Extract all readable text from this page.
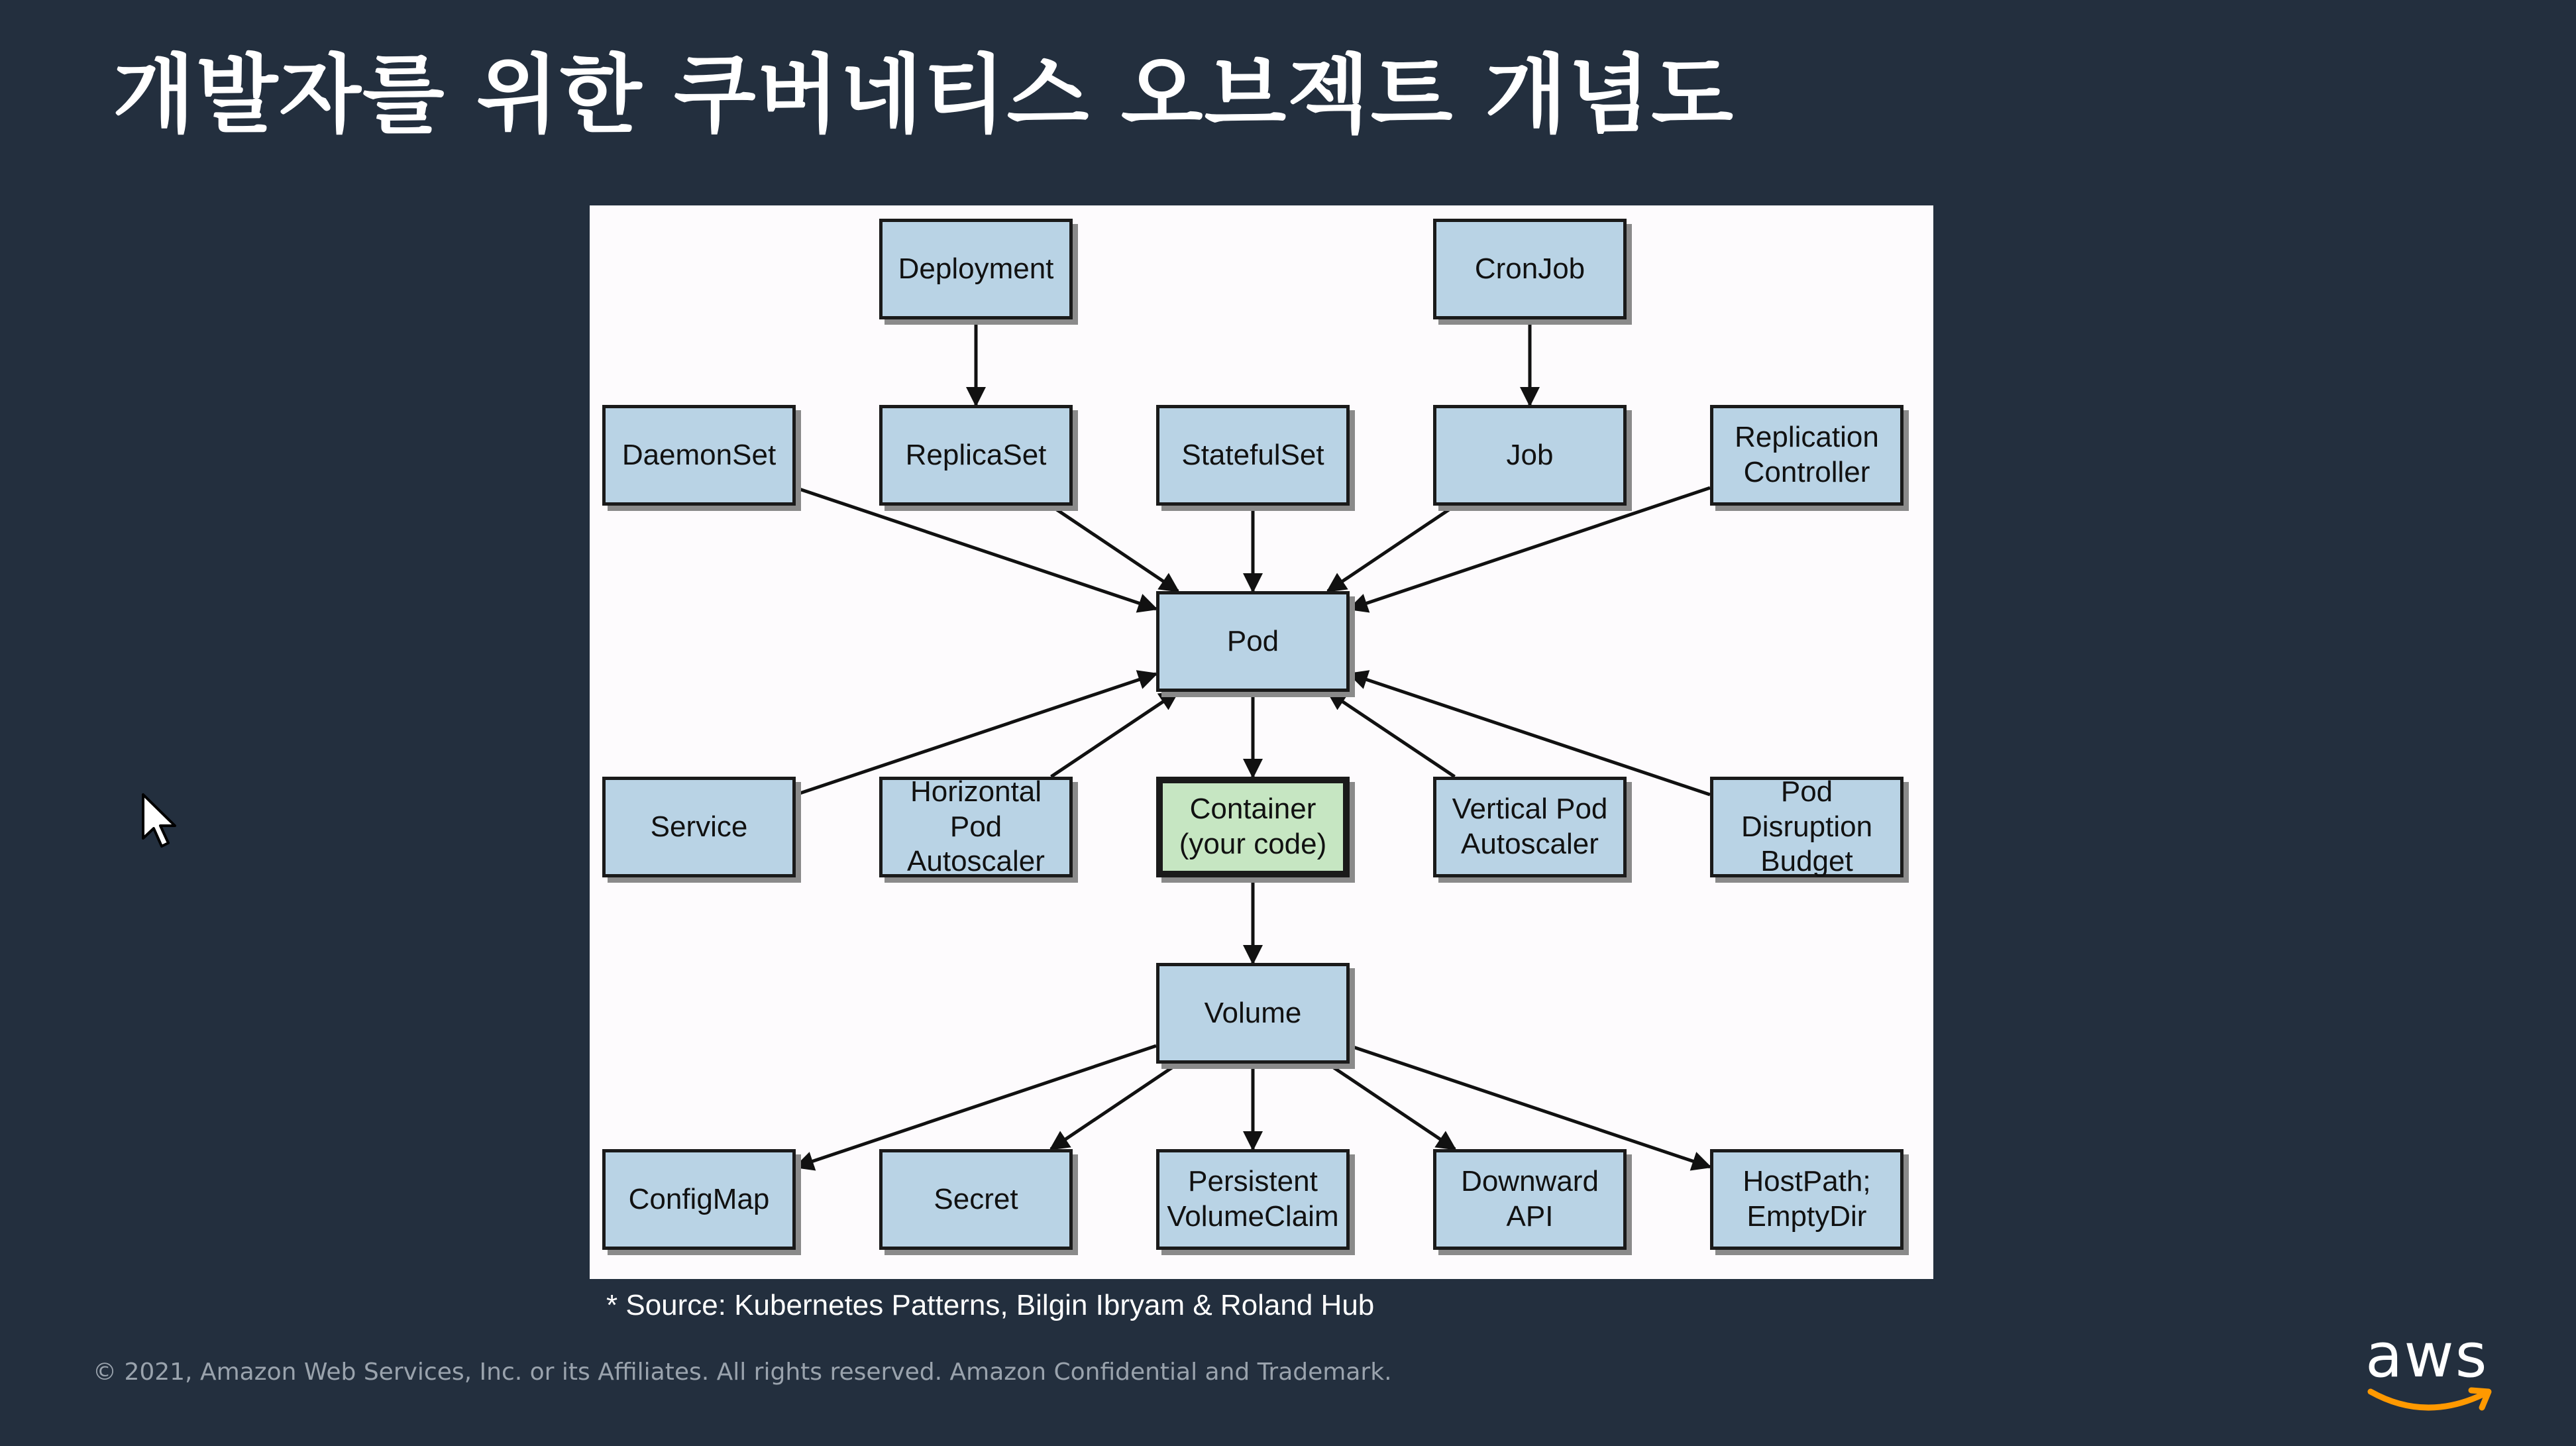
개발자를 위한 쿠버네티스 오브젝트 개념도
Deployment	CronJob
DaemonSet	ReplicaSet	StatefulSet	Job
Replication
Controller
Pod
Service
Horizontal Pod
Autoscaler
Container
(your code)
Vertical Pod
Autoscaler
Pod Disruption
Budget
Volume
ConfigMap	Secret
Persistent
VolumeClaim
Downward API
HostPath;
EmptyDir
* Source: Kubernetes Patterns, Bilgin Ibryam & Roland Hub
© 2021, Amazon Web Services, Inc. or its Affiliates. All rights reserved. Amazon Confidential and Trademark.	aws
